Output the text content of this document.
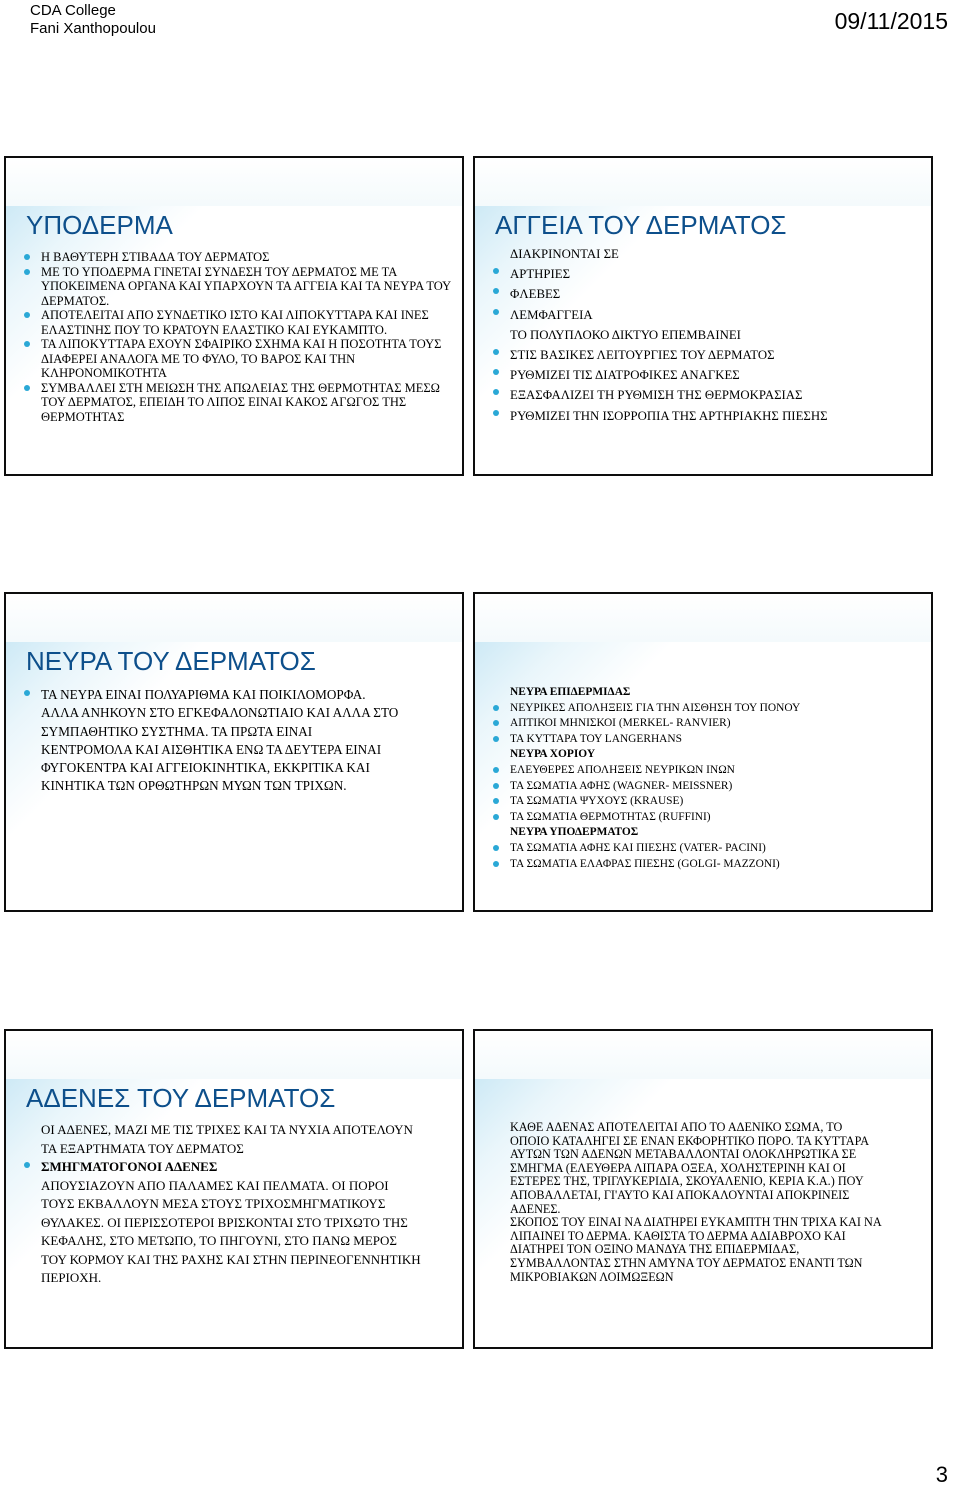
CDA College
Fani Xanthopoulou	09/11/2015
ΥΠΟΔΕΡΜΑ
Η ΒΑΘΥΤΕΡΗ ΣΤΙΒΑΔΑ ΤΟΥ ΔΕΡΜΑΤΟΣ
ΜΕ ΤΟ ΥΠΟΔΕΡΜΑ ΓΙΝΕΤΑΙ ΣΥΝΔΕΣΗ ΤΟΥ ΔΕΡΜΑΤΟΣ ΜΕ ΤΑ ΥΠΟΚΕΙΜΕΝΑ ΟΡΓΑΝΑ ΚΑΙ ΥΠΑΡΧΟΥΝ ΤΑ ΑΓΓΕΙΑ ΚΑΙ ΤΑ ΝΕΥΡΑ ΤΟΥ ΔΕΡΜΑΤΟΣ.
ΑΠΟΤΕΛΕΙΤΑΙ ΑΠΟ ΣΥΝΔΕΤΙΚΟ ΙΣΤΟ ΚΑΙ ΛΙΠΟΚΥΤΤΑΡΑ ΚΑΙ ΙΝΕΣ ΕΛΑΣΤΙΝΗΣ ΠΟΥ ΤΟ ΚΡΑΤΟΥΝ ΕΛΑΣΤΙΚΟ ΚΑΙ ΕΥΚΑΜΠΤΟ.
ΤΑ ΛΙΠΟΚΥΤΤΑΡΑ ΕΧΟΥΝ ΣΦΑΙΡΙΚΟ ΣΧΗΜΑ ΚΑΙ Η ΠΟΣΟΤΗΤΑ ΤΟΥΣ ΔΙΑΦΕΡΕΙ ΑΝΑΛΟΓΑ ΜΕ ΤΟ ΦΥΛΟ, ΤΟ ΒΑΡΟΣ ΚΑΙ ΤΗΝ ΚΛΗΡΟΝΟΜΙΚΟΤΗΤΑ
ΣΥΜΒΑΛΛΕΙ ΣΤΗ ΜΕΙΩΣΗ ΤΗΣ ΑΠΩΛΕΙΑΣ ΤΗΣ ΘΕΡΜΟΤΗΤΑΣ ΜΕΣΩ ΤΟΥ ΔΕΡΜΑΤΟΣ, ΕΠΕΙΔΗ ΤΟ ΛΙΠΟΣ ΕΙΝΑΙ ΚΑΚΟΣ ΑΓΩΓΟΣ ΤΗΣ ΘΕΡΜΟΤΗΤΑΣ
ΑΓΓΕΙΑ ΤΟΥ ΔΕΡΜΑΤΟΣ
ΔΙΑΚΡΙΝΟΝΤΑΙ ΣΕ
ΑΡΤΗΡΙΕΣ
ΦΛΕΒΕΣ
ΛΕΜΦΑΓΓΕΙΑ
ΤΟ ΠΟΛΥΠΛΟΚΟ ΔΙΚΤΥΟ ΕΠΕΜΒΑΙΝΕΙ
ΣΤΙΣ ΒΑΣΙΚΕΣ ΛΕΙΤΟΥΡΓΙΕΣ ΤΟΥ ΔΕΡΜΑΤΟΣ
ΡΥΘΜΙΖΕΙ ΤΙΣ ΔΙΑΤΡΟΦΙΚΕΣ ΑΝΑΓΚΕΣ
ΕΞΑΣΦΑΛΙΖΕΙ ΤΗ ΡΥΘΜΙΣΗ ΤΗΣ ΘΕΡΜΟΚΡΑΣΙΑΣ
ΡΥΘΜΙΖΕΙ ΤΗΝ ΙΣΟΡΡΟΠΙΑ ΤΗΣ ΑΡΤΗΡΙΑΚΗΣ ΠΙΕΣΗΣ
ΝΕΥΡΑ ΤΟΥ ΔΕΡΜΑΤΟΣ
ΤΑ ΝΕΥΡΑ ΕΙΝΑΙ ΠΟΛΥΑΡΙΘΜΑ ΚΑΙ ΠΟΙΚΙΛΟΜΟΡΦΑ. ΑΛΛΑ ΑΝΗΚΟΥΝ ΣΤΟ ΕΓΚΕΦΑΛΟΝΩΤΙΑΙΟ ΚΑΙ ΑΛΛΑ ΣΤΟ ΣΥΜΠΑΘΗΤΙΚΟ ΣΥΣΤΗΜΑ. ΤΑ ΠΡΩΤΑ ΕΙΝΑΙ ΚΕΝΤΡΟΜΟΛΑ ΚΑΙ ΑΙΣΘΗΤΙΚΑ ΕΝΩ ΤΑ ΔΕΥΤΕΡΑ ΕΙΝΑΙ ΦΥΓΟΚΕΝΤΡΑ ΚΑΙ ΑΓΓΕΙΟΚΙΝΗΤΙΚΑ, ΕΚΚΡΙΤΙΚΑ ΚΑΙ ΚΙΝΗΤΙΚΑ ΤΩΝ ΟΡΘΩΤΗΡΩΝ ΜΥΩΝ ΤΩΝ ΤΡΙΧΩΝ.
ΝΕΥΡΑ ΕΠΙΔΕΡΜΙΔΑΣ
ΝΕΥΡΙΚΕΣ ΑΠΟΛΗΞΕΙΣ ΓΙΑ ΤΗΝ ΑΙΣΘΗΣΗ ΤΟΥ ΠΟΝΟΥ
ΑΠΤΙΚΟΙ ΜΗΝΙΣΚΟΙ (MERKEL- RANVIER)
ΤΑ ΚΥΤΤΑΡΑ ΤΟΥ LANGERHANS
ΝΕΥΡΑ ΧΟΡΙΟΥ
ΕΛΕΥΘΕΡΕΣ ΑΠΟΛΗΞΕΙΣ ΝΕΥΡΙΚΩΝ ΙΝΩΝ
ΤΑ ΣΩΜΑΤΙΑ ΑΦΗΣ (WAGNER- MEISSNER)
ΤΑ ΣΩΜΑΤΙΑ ΨΥΧΟΥΣ (KRAUSE)
ΤΑ ΣΩΜΑΤΙΑ ΘΕΡΜΟΤΗΤΑΣ (RUFFINI)
ΝΕΥΡΑ ΥΠΟΔΕΡΜΑΤΟΣ
ΤΑ ΣΩΜΑΤΙΑ ΑΦΗΣ ΚΑΙ ΠΙΕΣΗΣ (VATER- PACINI)
ΤΑ ΣΩΜΑΤΙΑ ΕΛΑΦΡΑΣ ΠΙΕΣΗΣ (GOLGI- MAZZONI)
ΑΔΕΝΕΣ ΤΟΥ ΔΕΡΜΑΤΟΣ
ΟΙ ΑΔΕΝΕΣ, ΜΑΖΙ ΜΕ ΤΙΣ ΤΡΙΧΕΣ ΚΑΙ ΤΑ ΝΥΧΙΑ ΑΠΟΤΕΛΟΥΝ ΤΑ ΕΞΑΡΤΗΜΑΤΑ ΤΟΥ ΔΕΡΜΑΤΟΣ
ΣΜΗΓΜΑΤΟΓΟΝΟΙ ΑΔΕΝΕΣ
ΑΠΟΥΣΙΑΖΟΥΝ ΑΠΟ ΠΑΛΑΜΕΣ ΚΑΙ ΠΕΛΜΑΤΑ. ΟΙ ΠΟΡΟΙ ΤΟΥΣ ΕΚΒΑΛΛΟΥΝ ΜΕΣΑ ΣΤΟΥΣ ΤΡΙΧΟΣΜΗΓΜΑΤΙΚΟΥΣ ΘΥΛΑΚΕΣ. ΟΙ ΠΕΡΙΣΣΟΤΕΡΟΙ ΒΡΙΣΚΟΝΤΑΙ ΣΤΟ ΤΡΙΧΩΤΟ ΤΗΣ ΚΕΦΑΛΗΣ, ΣΤΟ ΜΕΤΩΠΟ, ΤΟ ΠΗΓΟΥΝΙ, ΣΤΟ ΠΑΝΩ ΜΕΡΟΣ ΤΟΥ ΚΟΡΜΟΥ ΚΑΙ ΤΗΣ ΡΑΧΗΣ ΚΑΙ ΣΤΗΝ ΠΕΡΙΝΕΟΓΕΝΝΗΤΙΚΗ ΠΕΡΙΟΧΗ.
ΚΑΘΕ ΑΔΕΝΑΣ ΑΠΟΤΕΛΕΙΤΑΙ ΑΠΟ ΤΟ ΑΔΕΝΙΚΟ ΣΩΜΑ, ΤΟ ΟΠΟΙΟ ΚΑΤΑΛΗΓΕΙ ΣΕ ΕΝΑΝ ΕΚΦΟΡΗΤΙΚΟ ΠΟΡΟ. ΤΑ ΚΥΤΤΑΡΑ ΑΥΤΩΝ ΤΩΝ ΑΔΕΝΩΝ ΜΕΤΑΒΑΛΛΟΝΤΑΙ ΟΛΟΚΛΗΡΩΤΙΚΑ ΣΕ ΣΜΗΓΜΑ (ΕΛΕΥΘΕΡΑ ΛΙΠΑΡΑ ΟΞΕΑ, ΧΟΛΗΣΤΕΡΙΝΗ ΚΑΙ ΟΙ ΕΣΤΕΡΕΣ ΤΗΣ, ΤΡΙΓΛΥΚΕΡΙΔΙΑ, ΣΚΟΥΑΛΕΝΙΟ, ΚΕΡΙΑ Κ.Α.) ΠΟΥ ΑΠΟΒΑΛΛΕΤΑΙ, ΓΙ'ΑΥΤΟ ΚΑΙ ΑΠΟΚΑΛΟΥΝΤΑΙ ΑΠΟΚΡΙΝΕΙΣ ΑΔΕΝΕΣ.
ΣΚΟΠΟΣ ΤΟΥ ΕΙΝΑΙ ΝΑ ΔΙΑΤΗΡΕΙ ΕΥΚΑΜΠΤΗ ΤΗΝ ΤΡΙΧΑ ΚΑΙ ΝΑ ΛΙΠΑΙΝΕΙ ΤΟ ΔΕΡΜΑ. ΚΑΘΙΣΤΑ ΤΟ ΔΕΡΜΑ ΑΔΙΑΒΡΟΧΟ ΚΑΙ ΔΙΑΤΗΡΕΙ ΤΟΝ ΟΞΙΝΟ ΜΑΝΔΥΑ ΤΗΣ ΕΠΙΔΕΡΜΙΔΑΣ, ΣΥΜΒΑΛΛΟΝΤΑΣ ΣΤΗΝ ΑΜΥΝΑ ΤΟΥ ΔΕΡΜΑΤΟΣ ΕΝΑΝΤΙ ΤΩΝ ΜΙΚΡΟΒΙΑΚΩΝ ΛΟΙΜΩΞΕΩΝ
3
